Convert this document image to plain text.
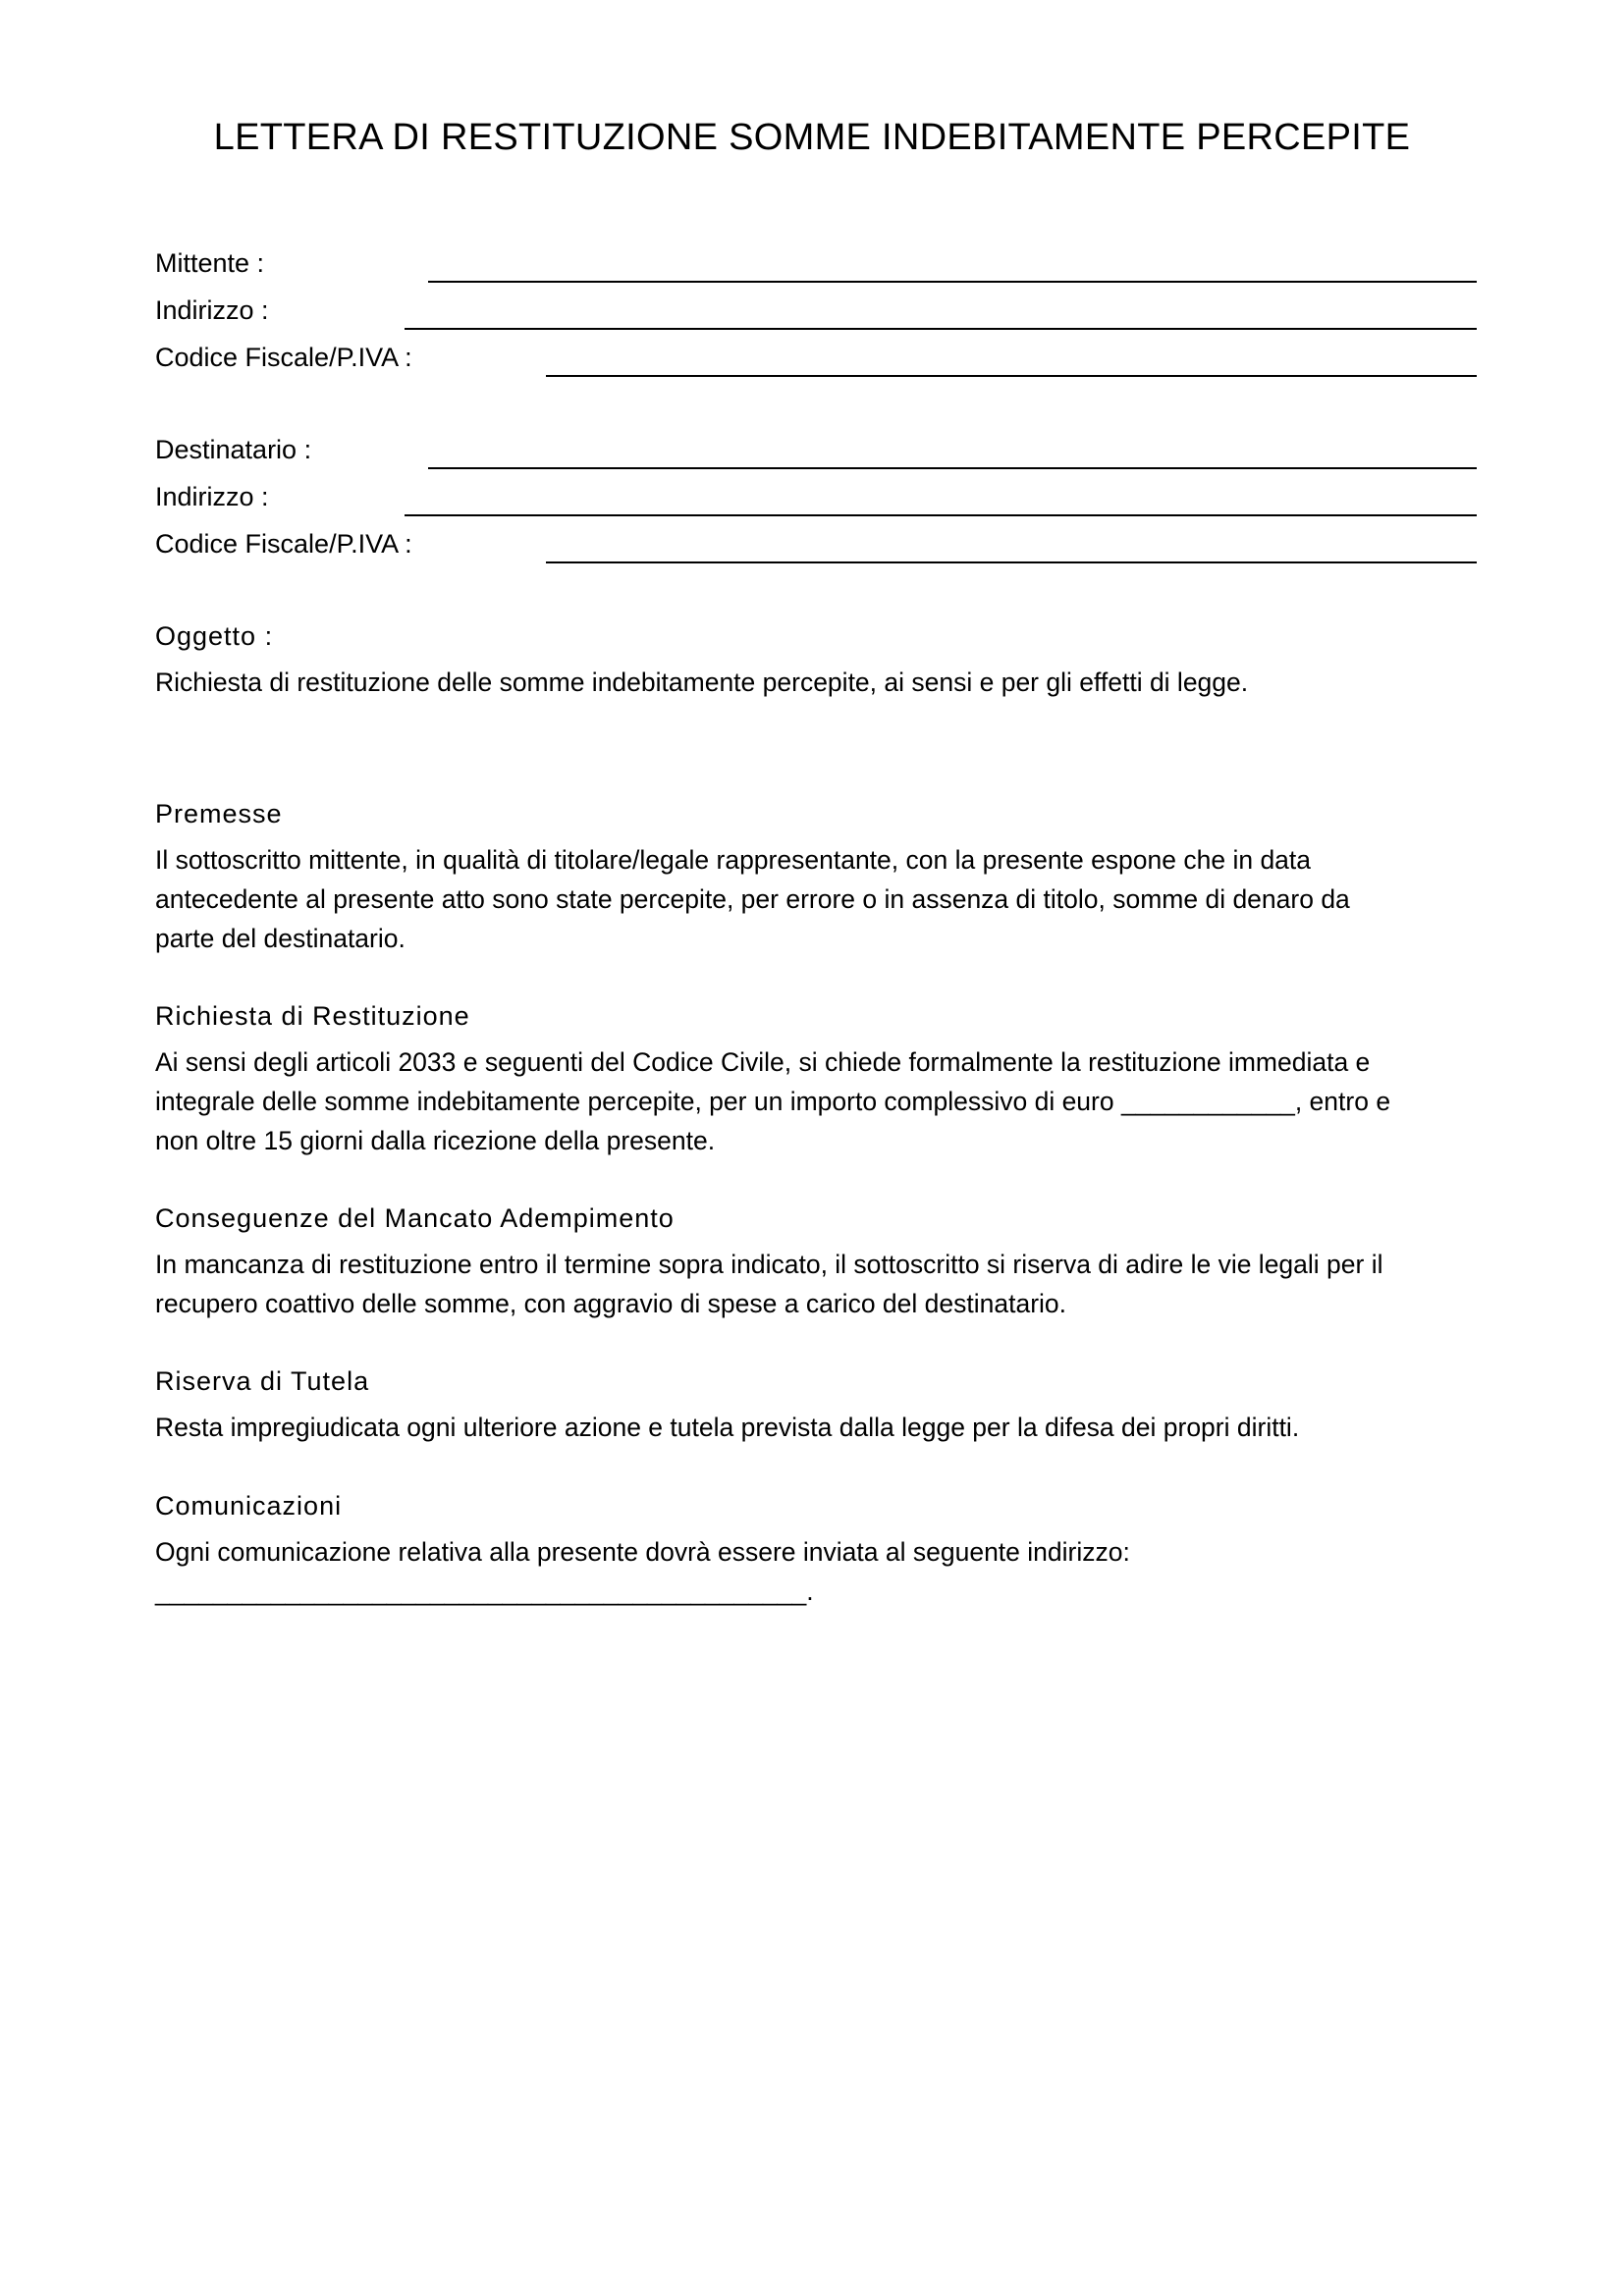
LETTERA DI RESTITUZIONE SOMME INDEBITAMENTE PERCEPITE
Mittente :
Indirizzo :
Codice Fiscale/P.IVA :
Destinatario :
Indirizzo :
Codice Fiscale/P.IVA :
Oggetto :

Richiesta di restituzione delle somme indebitamente percepite, ai sensi e per gli effetti di legge.

Premesse

Il sottoscritto mittente, in qualità di titolare/legale rappresentante, con la presente espone che in data
antecedente al presente atto sono state percepite, per errore o in assenza di titolo, somme di denaro da
parte del destinatario.

Richiesta di Restituzione

Ai sensi degli articoli 2033 e seguenti del Codice Civile, si chiede formalmente la restituzione immediata e
integrale delle somme indebitamente percepite, per un importo complessivo di euro ____________, entro e
non oltre 15 giorni dalla ricezione della presente.

Conseguenze del Mancato Adempimento

In mancanza di restituzione entro il termine sopra indicato, il sottoscritto si riserva di adire le vie legali per il
recupero coattivo delle somme, con aggravio di spese a carico del destinatario.

Riserva di Tutela

Resta impregiudicata ogni ulteriore azione e tutela prevista dalla legge per la difesa dei propri diritti.

Comunicazioni

Ogni comunicazione relativa alla presente dovrà essere inviata al seguente indirizzo:
_____________________________________________.
